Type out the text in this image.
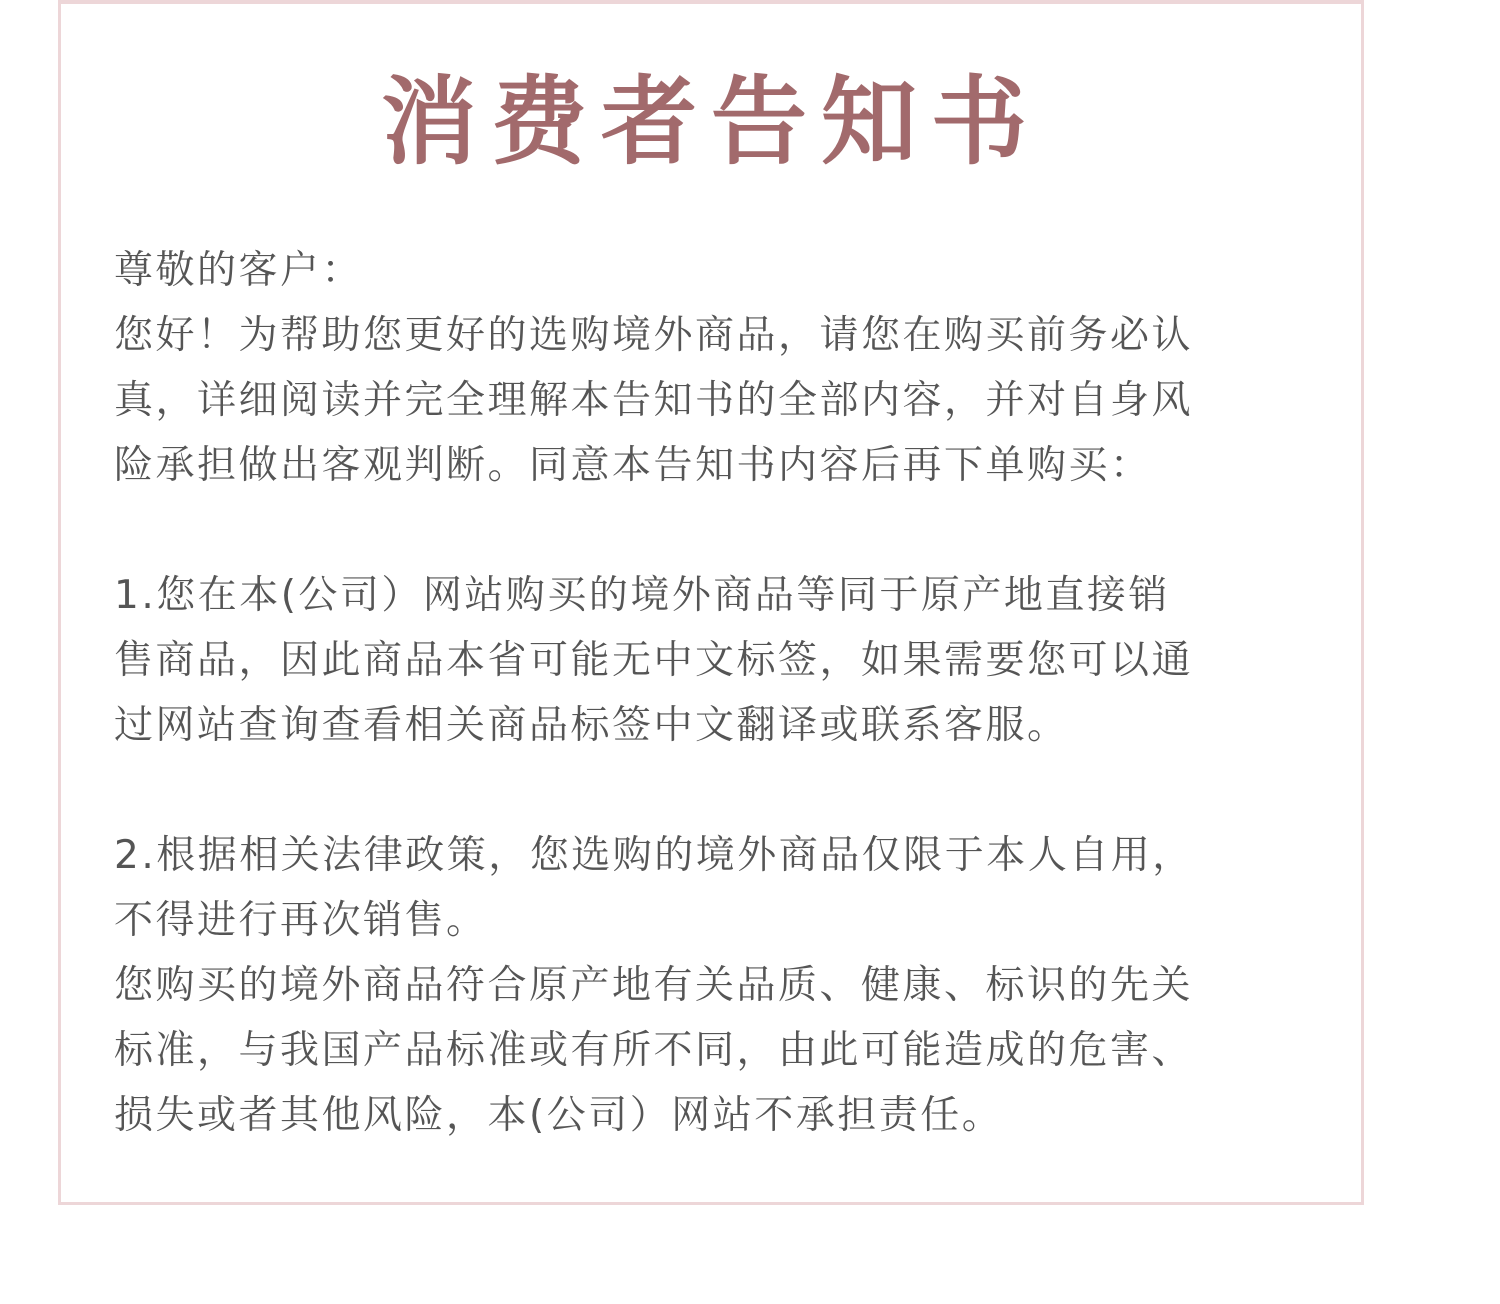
消费者告知书

尊敬的客户：

您好！为帮助您更好的选购境外商品，请您在购买前务必认
真，详细阅读并完全理解本告知书的全部内容，并对自身风
险承担做出客观判断。同意本告知书内容后再下单购买：

1.您在本(公司）网站购买的境外商品等同于原产地直接销
售商品，因此商品本省可能无中文标签，如果需要您可以通
过网站查询查看相关商品标签中文翻译或联系客服。

2.根据相关法律政策，您选购的境外商品仅限于本人自用，
不得进行再次销售。

您购买的境外商品符合原产地有关品质、健康、标识的先关
标准，与我国产品标准或有所不同，由此可能造成的危害、
损失或者其他风险，本(公司）网站不承担责任。
